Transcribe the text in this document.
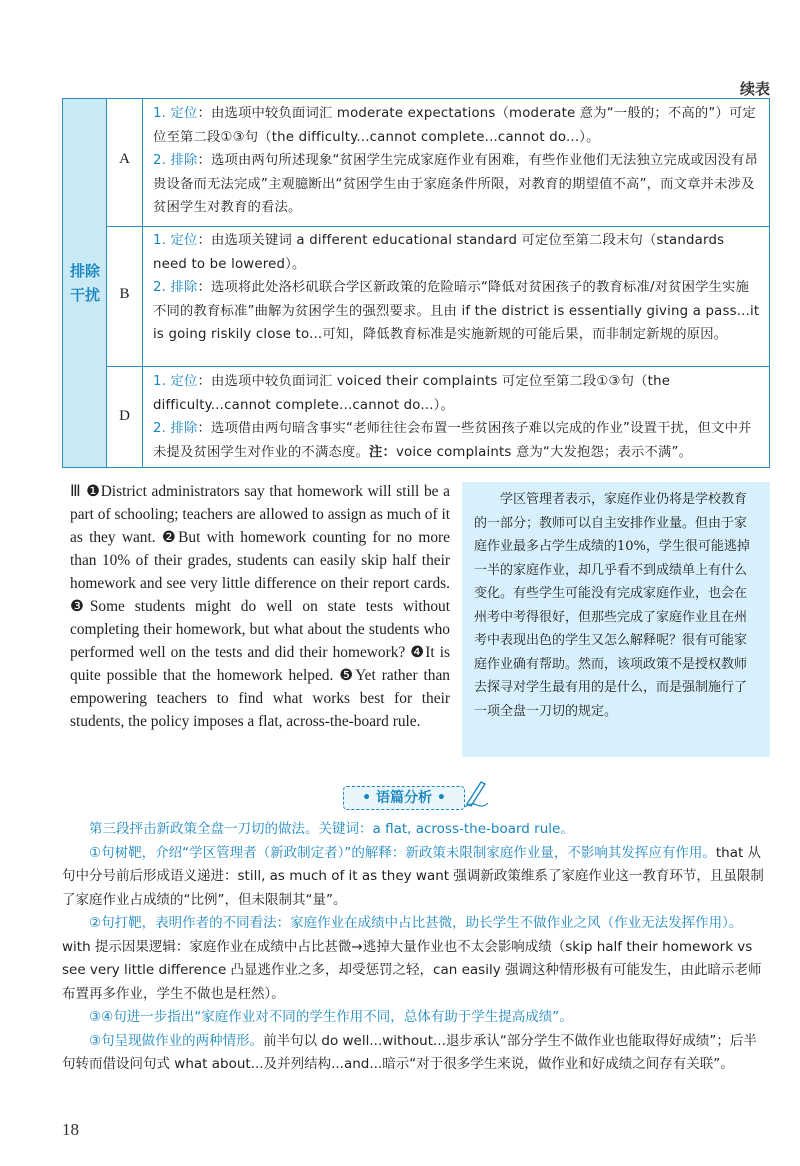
续表
排除
干扰
A

1. 定位：由选项中较负面词汇 moderate expectations（moderate 意为“一般的；不高的”）可定位至第二段①③句（the difficulty...cannot complete...cannot do...）。

2. 排除：选项由两句所述现象“贫困学生完成家庭作业有困难，有些作业他们无法独立完成或因没有昂贵设备而无法完成”主观臆断出“贫困学生由于家庭条件所限，对教育的期望值不高”，而文章并未涉及贫困学生对教育的看法。

B

1. 定位：由选项关键词 a different educational standard 可定位至第二段末句（standards need to be lowered）。

2. 排除：选项将此处洛杉矶联合学区新政策的危险暗示“降低对贫困孩子的教育标准/对贫困学生实施不同的教育标准”曲解为贫困学生的强烈要求。且由 if the district is essentially giving a pass...it is going riskily close to...可知，降低教育标准是实施新规的可能后果，而非制定新规的原因。

D

1. 定位：由选项中较负面词汇 voiced their complaints 可定位至第二段①③句（the difficulty...cannot complete...cannot do...）。

2. 排除：选项借由两句暗含事实“老师往往会布置一些贫困孩子难以完成的作业”设置干扰，但文中并未提及贫困学生对作业的不满态度。注：voice complaints 意为“大发抱怨；表示不满”。

Ⅲ ❶District administrators say that homework will still be a part of schooling; teachers are allowed to assign as much of it as they want. ❷But with homework counting for no more than 10% of their grades, students can easily skip half their homework and see very little difference on their report cards. ❸Some students might do well on state tests without completing their homework, but what about the students who performed well on the tests and did their homework? ❹It is quite possible that the homework helped. ❺Yet rather than empowering teachers to find what works best for their students, the policy imposes a flat, across-the-board rule.

学区管理者表示，家庭作业仍将是学校教育的一部分；教师可以自主安排作业量。但由于家庭作业最多占学生成绩的10%，学生很可能逃掉一半的家庭作业，却几乎看不到成绩单上有什么变化。有些学生可能没有完成家庭作业，也会在州考中考得很好，但那些完成了家庭作业且在州考中表现出色的学生又怎么解释呢？很有可能家庭作业确有帮助。然而，该项政策不是授权教师去探寻对学生最有用的是什么，而是强制施行了一项全盘一刀切的规定。

• 语篇分析 •

第三段抨击新政策全盘一刀切的做法。关键词：a flat, across-the-board rule。

①句树靶，介绍“学区管理者（新政制定者）”的解释：新政策未限制家庭作业量，不影响其发挥应有作用。that 从句中分号前后形成语义递进：still, as much of it as they want 强调新政策维系了家庭作业这一教育环节，且虽限制了家庭作业占成绩的“比例”，但未限制其“量”。

②句打靶，表明作者的不同看法：家庭作业在成绩中占比甚微，助长学生不做作业之风（作业无法发挥作用）。with 提示因果逻辑：家庭作业在成绩中占比甚微→逃掉大量作业也不太会影响成绩（skip half their homework vs see very little difference 凸显逃作业之多，却受惩罚之轻，can easily 强调这种情形极有可能发生，由此暗示老师布置再多作业，学生不做也是枉然）。

③④句进一步指出“家庭作业对不同的学生作用不同，总体有助于学生提高成绩”。

③句呈现做作业的两种情形。前半句以 do well...without...退步承认“部分学生不做作业也能取得好成绩”；后半句转而借设问句式 what about...及并列结构...and...暗示“对于很多学生来说，做作业和好成绩之间存有关联”。

18
